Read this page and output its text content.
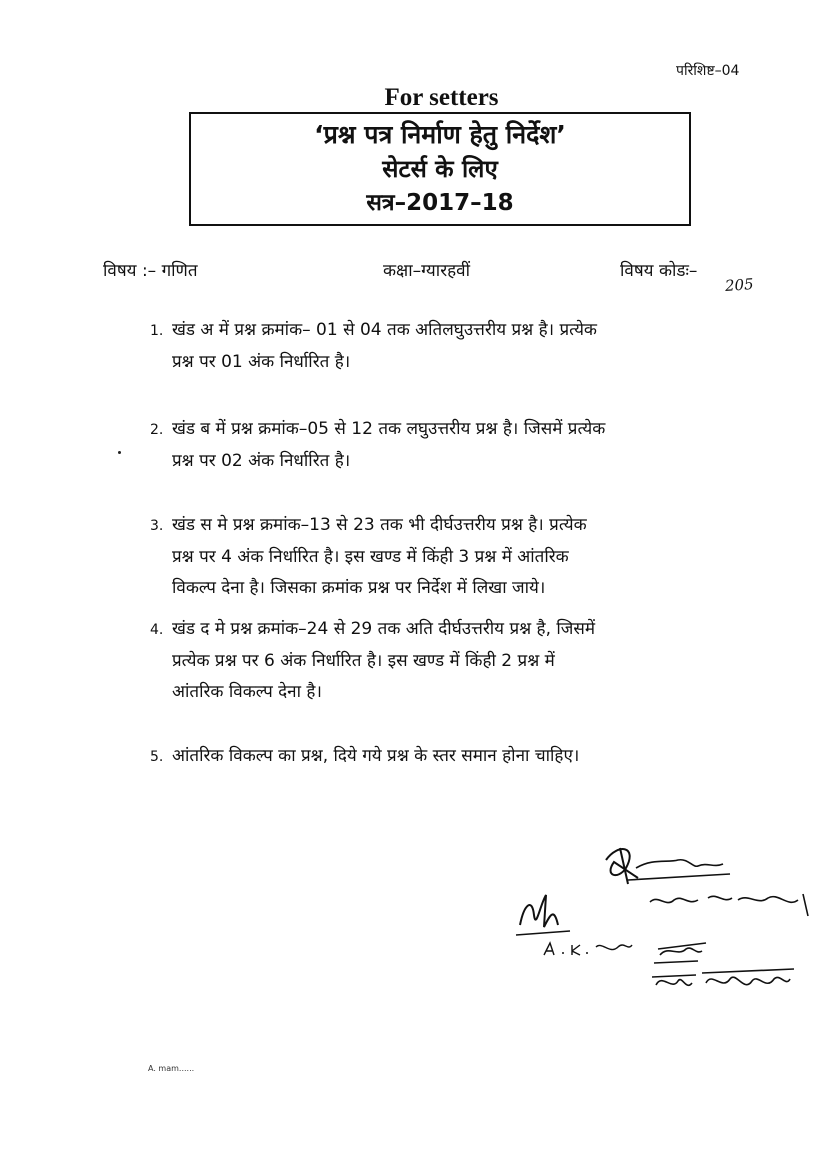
परिशिष्ट–04
For setters
‘प्रश्न पत्र निर्माण हेतु निर्देश’
सेटर्स के लिए
सत्र–2017–18
विषय :– गणित	कक्षा–ग्यारहवीं	विषय कोडः–
205
1. खंड अ में प्रश्न क्रमांक– 01 से 04 तक अतिलघुउत्तरीय प्रश्न है। प्रत्येक
प्रश्न पर 01 अंक निर्धारित है।
2. खंड ब में प्रश्न क्रमांक–05 से 12 तक लघुउत्तरीय प्रश्न है। जिसमें प्रत्येक
प्रश्न पर 02 अंक निर्धारित है।
3. खंड स मे प्रश्न क्रमांक–13 से 23 तक भी दीर्घउत्तरीय प्रश्न है। प्रत्येक
प्रश्न पर 4 अंक निर्धारित है। इस खण्ड में किंही 3 प्रश्न में आंतरिक
विकल्प देना है। जिसका क्रमांक प्रश्न पर निर्देश में लिखा जाये।
4. खंड द मे प्रश्न क्रमांक–24 से 29 तक अति दीर्घउत्तरीय प्रश्न है, जिसमें
प्रत्येक प्रश्न पर 6 अंक निर्धारित है। इस खण्ड में किंही 2 प्रश्न में
आंतरिक विकल्प देना है।
5. आंतरिक विकल्प का प्रश्न, दिये गये प्रश्न के स्तर समान होना चाहिए।
A. mam......
